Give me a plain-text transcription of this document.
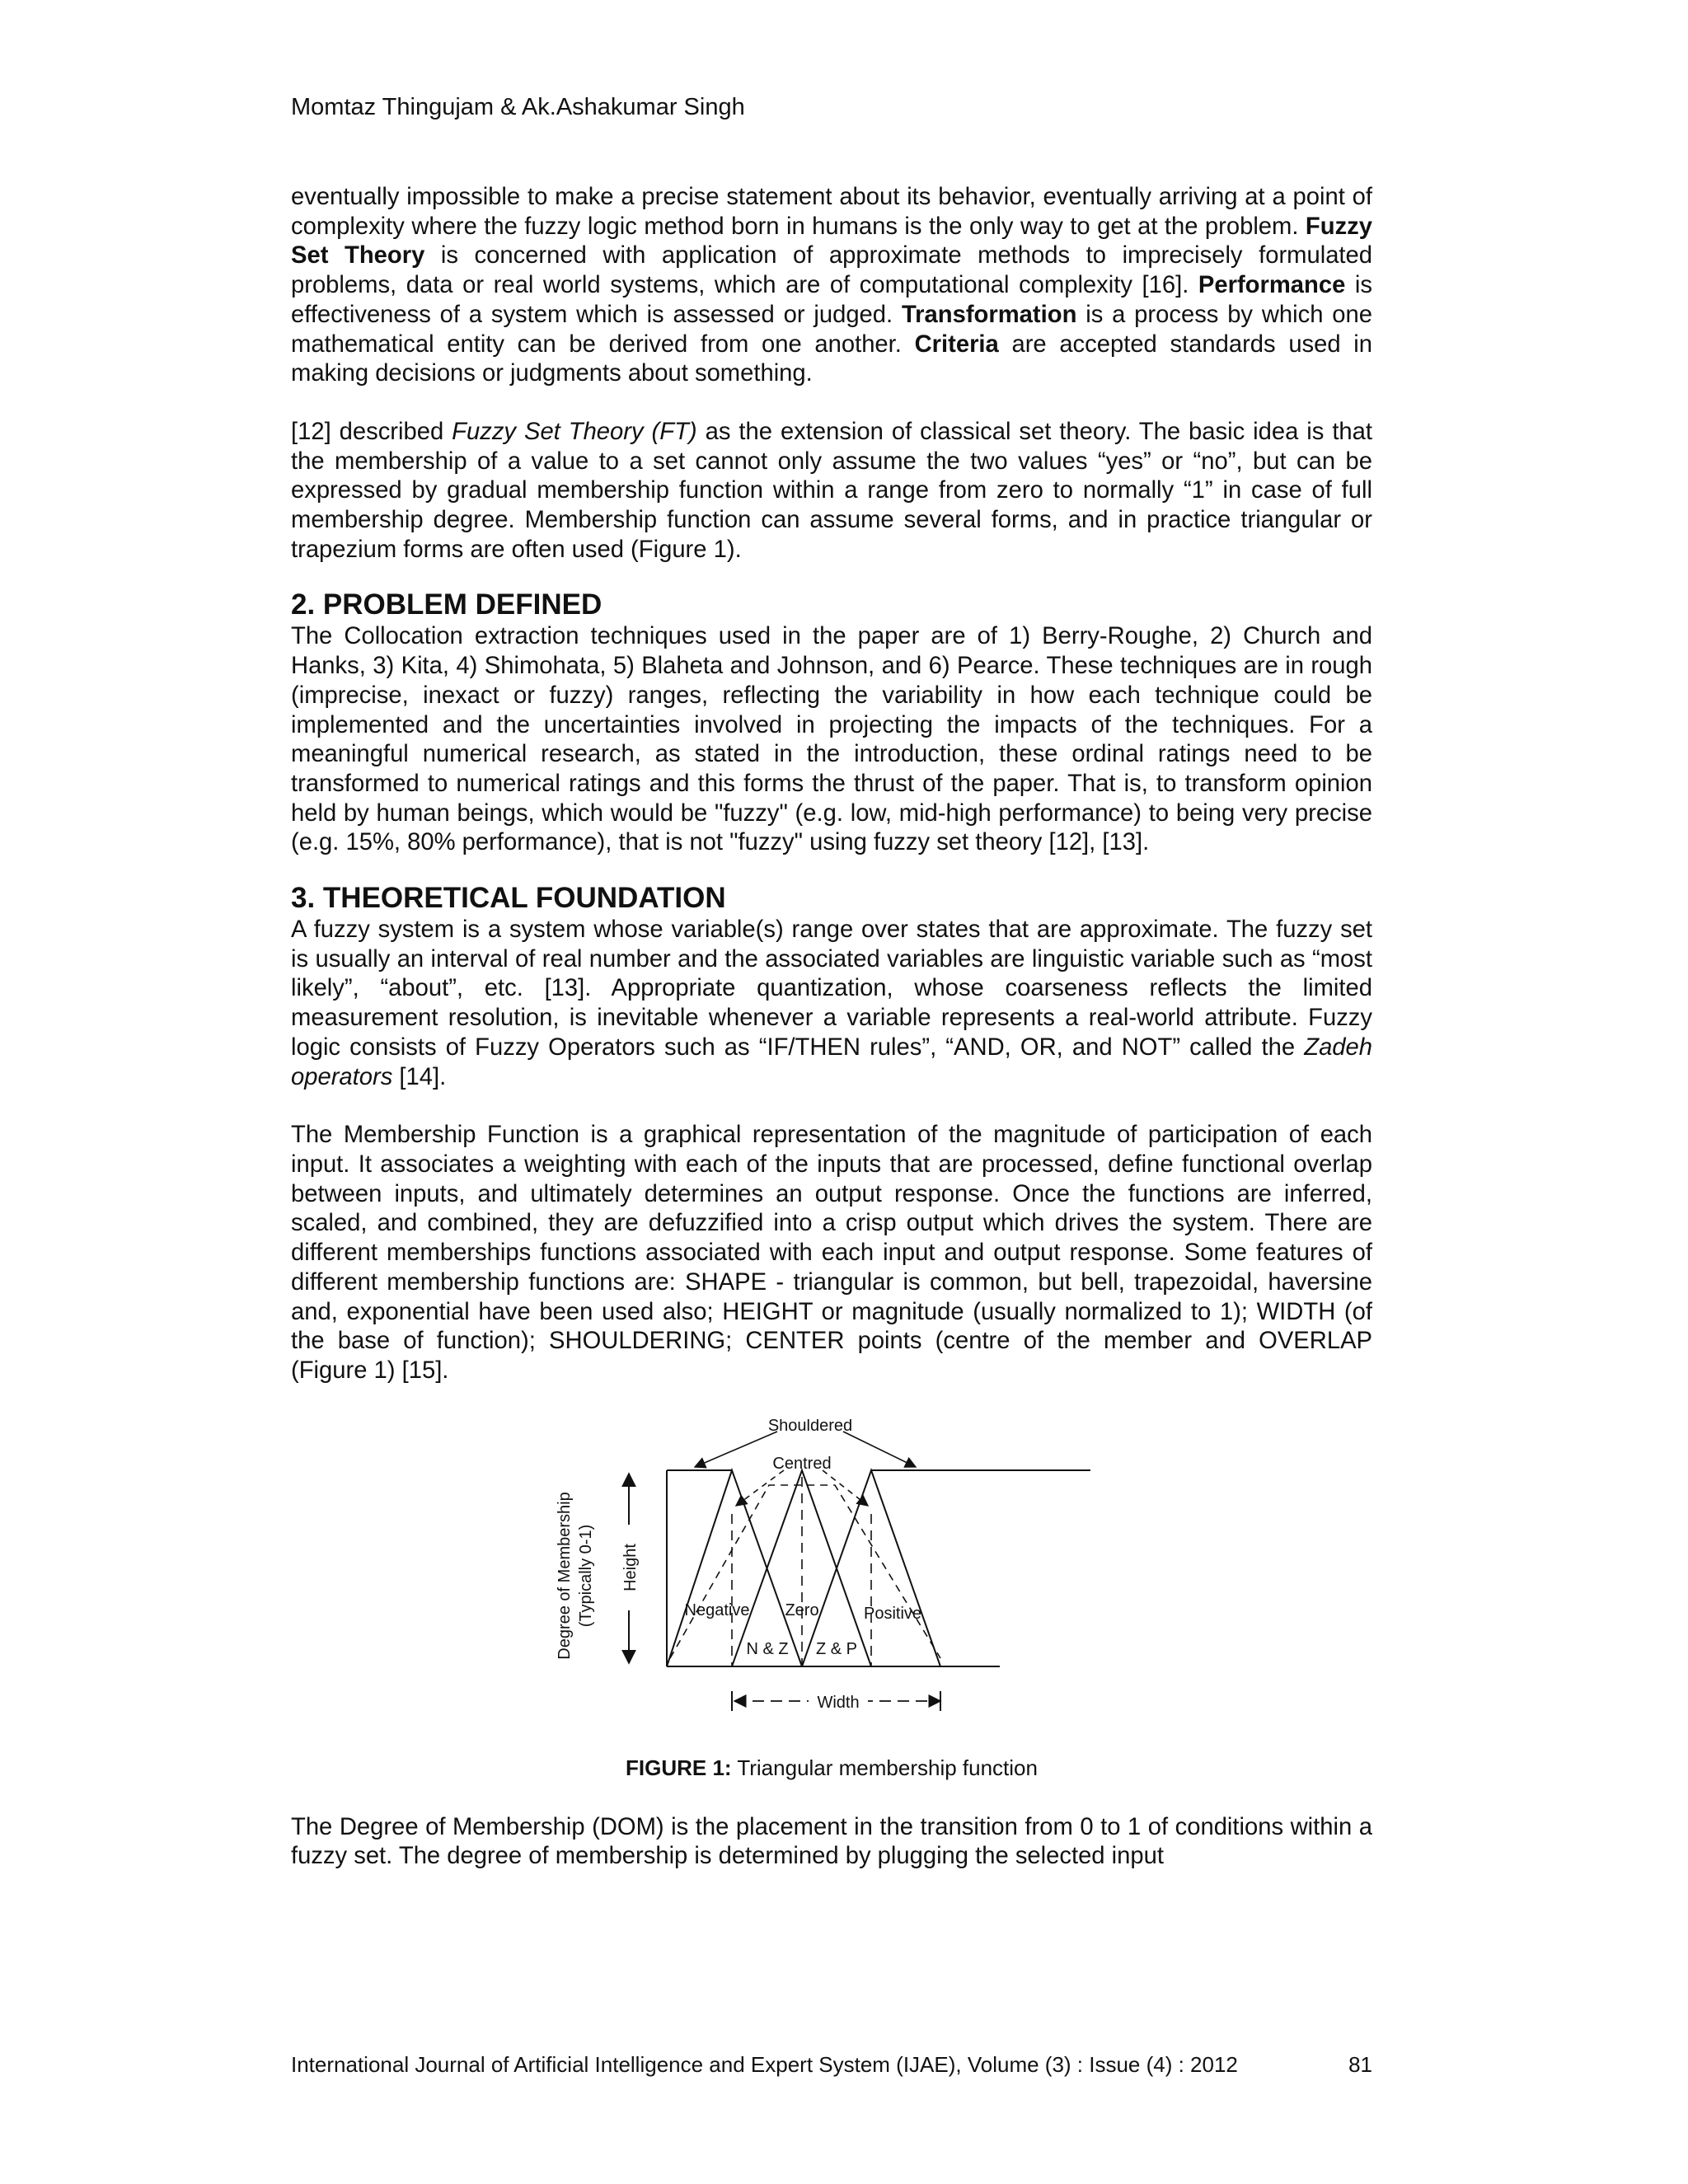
Momtaz Thingujam & Ak.Ashakumar Singh

eventually impossible to make a precise statement about its behavior, eventually arriving at a point of complexity where the fuzzy logic method born in humans is the only way to get at the problem. Fuzzy Set Theory is concerned with application of approximate methods to imprecisely formulated problems, data or real world systems, which are of computational complexity [16]. Performance is effectiveness of a system which is assessed or judged. Transformation is a process by which one mathematical entity can be derived from one another. Criteria are accepted standards used in making decisions or judgments about something.

[12] described Fuzzy Set Theory (FT) as the extension of classical set theory. The basic idea is that the membership of a value to a set cannot only assume the two values “yes” or “no”, but can be expressed by gradual membership function within a range from zero to normally “1” in case of full membership degree. Membership function can assume several forms, and in practice triangular or trapezium forms are often used (Figure 1).

2. PROBLEM DEFINED

The Collocation extraction techniques used in the paper are of 1) Berry-Roughe, 2) Church and Hanks, 3) Kita, 4) Shimohata, 5) Blaheta and Johnson, and 6) Pearce. These techniques are in rough (imprecise, inexact or fuzzy) ranges, reflecting the variability in how each technique could be implemented and the uncertainties involved in projecting the impacts of the techniques. For a meaningful numerical research, as stated in the introduction, these ordinal ratings need to be transformed to numerical ratings and this forms the thrust of the paper. That is, to transform opinion held by human beings, which would be "fuzzy" (e.g. low, mid-high performance) to being very precise (e.g. 15%, 80% performance), that is not "fuzzy" using fuzzy set theory [12], [13].

3. THEORETICAL FOUNDATION

A fuzzy system is a system whose variable(s) range over states that are approximate. The fuzzy set is usually an interval of real number and the associated variables are linguistic variable such as “most likely”, “about”, etc. [13]. Appropriate quantization, whose coarseness reflects the limited measurement resolution, is inevitable whenever a variable represents a real-world attribute. Fuzzy logic consists of Fuzzy Operators such as “IF/THEN rules”, “AND, OR, and NOT” called the Zadeh operators [14].

The Membership Function is a graphical representation of the magnitude of participation of each input. It associates a weighting with each of the inputs that are processed, define functional overlap between inputs, and ultimately determines an output response. Once the functions are inferred, scaled, and combined, they are defuzzified into a crisp output which drives the system. There are different memberships functions associated with each input and output response. Some features of different membership functions are: SHAPE - triangular is common, but bell, trapezoidal, haversine and, exponential have been used also; HEIGHT or magnitude (usually normalized to 1); WIDTH (of the base of function); SHOULDERING; CENTER points (centre of the member and OVERLAP (Figure 1) [15].

Height
Degree of Membership (Typically 0-1)
Width
Shouldered
Centred
Negative Zero	Positive
N & Z Z & P
FIGURE 1: Triangular membership function

The Degree of Membership (DOM) is the placement in the transition from 0 to 1 of conditions within a fuzzy set. The degree of membership is determined by plugging the selected input

International Journal of Artificial Intelligence and Expert System (IJAE), Volume (3) : Issue (4) : 2012	81
